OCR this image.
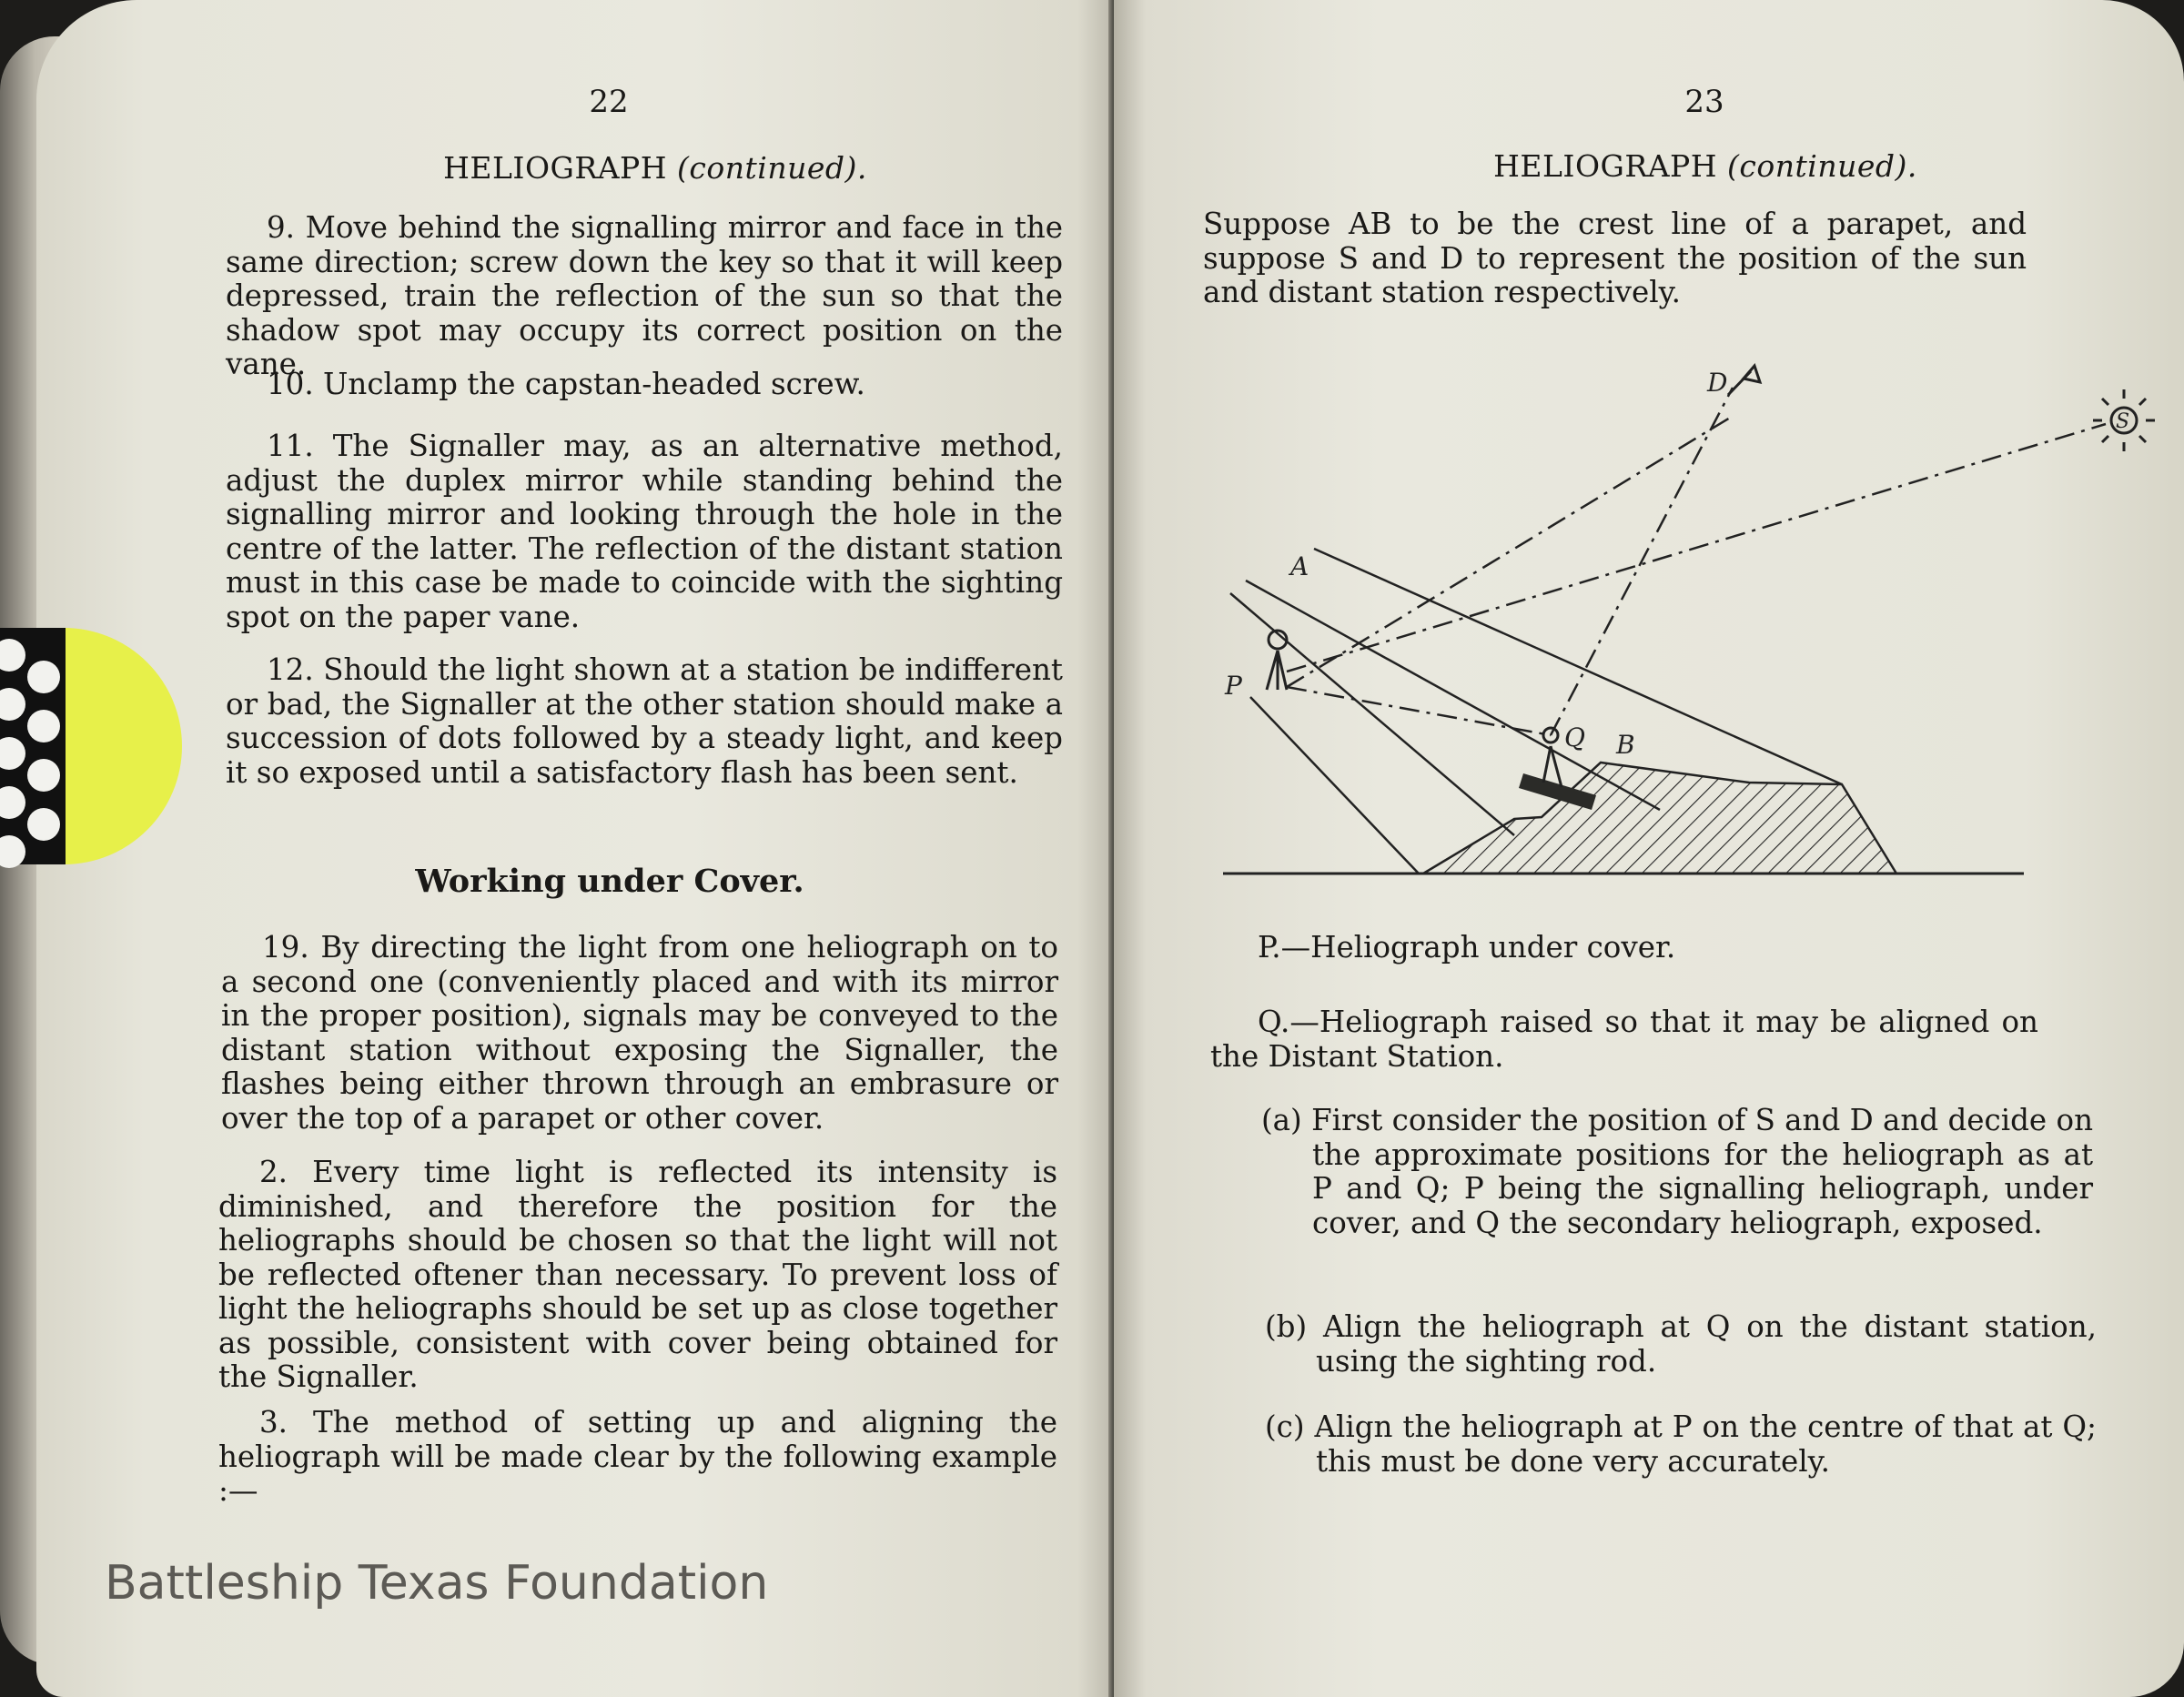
22
HELIOGRAPH (continued).

9. Move behind the signalling mirror and face in the same direction; screw down the key so that it will keep depressed, train the reflection of the sun so that the shadow spot may occupy its correct position on the vane.

10. Unclamp the capstan-headed screw.

11. The Signaller may, as an alternative method, adjust the duplex mirror while standing behind the signalling mirror and looking through the hole in the centre of the latter. The reflection of the distant station must in this case be made to coincide with the sighting spot on the paper vane.

12. Should the light shown at a station be indifferent or bad, the Signaller at the other station should make a succession of dots followed by a steady light, and keep it so exposed until a satisfactory flash has been sent.

Working under Cover.

19. By directing the light from one heliograph on to a second one (conveniently placed and with its mirror in the proper position), signals may be conveyed to the distant station without exposing the Signaller, the flashes being either thrown through an embrasure or over the top of a parapet or other cover.

2. Every time light is reflected its intensity is diminished, and therefore the position for the heliographs should be chosen so that the light will not be reflected oftener than necessary. To prevent loss of light the heliographs should be set up as close together as possible, consistent with cover being obtained for the Signaller.

3. The method of setting up and aligning the heliograph will be made clear by the following example :—

23
HELIOGRAPH (continued).

Suppose AB to be the crest line of a parapet, and suppose S and D to represent the position of the sun and distant station respectively.

D
S
A
B
P
Q

P.—Heliograph under cover.

Q.—Heliograph raised so that it may be aligned on the Distant Station.

(a) First consider the position of S and D and decide on the approximate positions for the heliograph as at P and Q; P being the signalling heliograph, under cover, and Q the secondary heliograph, exposed.

(b) Align the heliograph at Q on the distant station, using the sighting rod.

(c) Align the heliograph at P on the centre of that at Q; this must be done very accurately.

Battleship Texas Foundation
